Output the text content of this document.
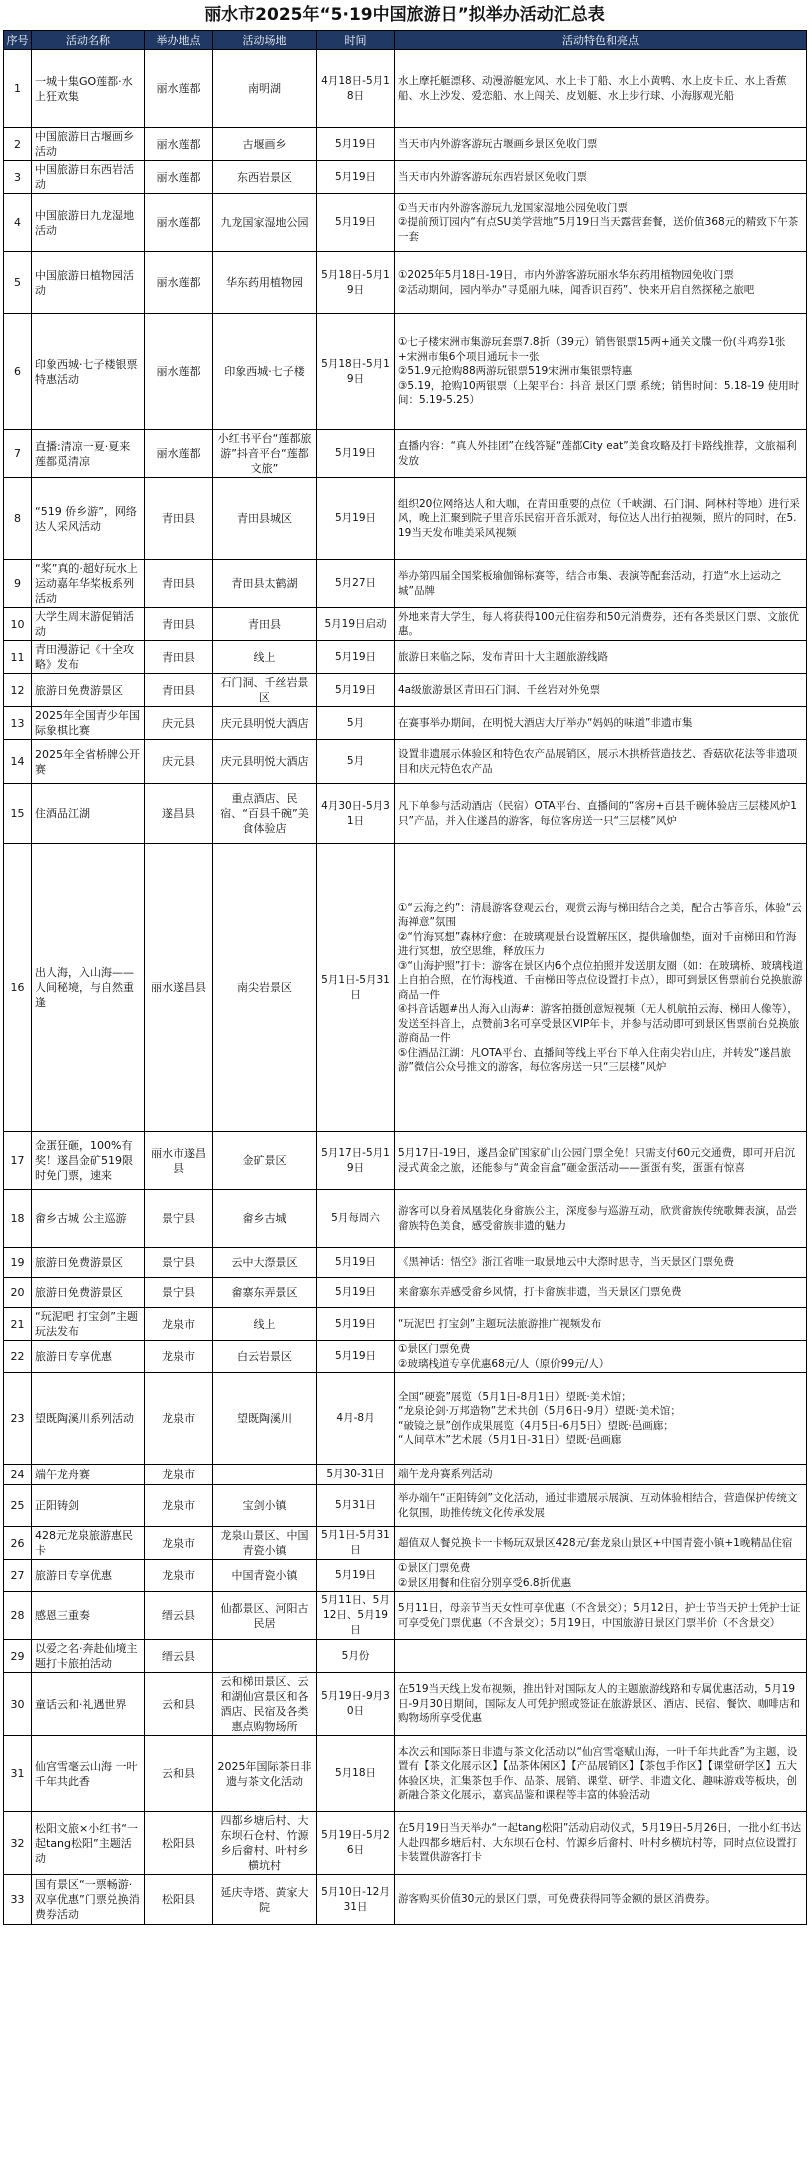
丽水市2025年“5·19中国旅游日”拟举办活动汇总表
序号	活动名称	举办地点	活动场地	时间	活动特色和亮点
1	一城十集GO莲都·水上狂欢集	丽水莲都	南明湖	4月18日-5月18日	水上摩托艇漂移、动漫游艇宠风、水上卡丁船、水上小黄鸭、水上皮卡丘、水上香蕉船、水上沙发、爱恋船、水上闯关、皮划艇、水上步行球、小海豚观光船
2	中国旅游日古堰画乡活动	丽水莲都	古堰画乡	5月19日	当天市内外游客游玩古堰画乡景区免收门票
3	中国旅游日东西岩活动	丽水莲都	东西岩景区	5月19日	当天市内外游客游玩东西岩景区免收门票
4	中国旅游日九龙湿地活动	丽水莲都	九龙国家湿地公园	5月19日	①当天市内外游客游玩九龙国家湿地公园免收门票
②提前预订园内“有点SU美学营地”5月19日当天露营套餐，送价值368元的精致下午茶一套
5	中国旅游日植物园活动	丽水莲都	华东药用植物园	5月18日-5月19日	①2025年5月18日-19日，市内外游客游玩丽水华东药用植物园免收门票
②活动期间，园内举办“寻觅丽九味，闻香识百药”、快来开启自然探秘之旅吧
6	印象西城·七子楼银票特惠活动	丽水莲都	印象西城·七子楼	5月18日-5月19日	①七子楼宋洲市集游玩套票7.8折（39元）销售银票15两+通关文牒一份(斗鸡券1张+宋洲市集6个项目通玩卡一张
②51.9元抢购88两游玩银票519宋洲市集银票特惠
③5.19，抢购10两银票（上架平台：抖音 景区门票 系统；销售时间：5.18-19 使用时间：5.19-5.25）
7	直播:清凉一夏·夏来莲都觅清凉	丽水莲都	小红书平台“莲都旅游”抖音平台“莲都文旅”	5月19日	直播内容：“真人外挂团”在线答疑“莲都City eat”美食攻略及打卡路线推荐，文旅福利发放
8	“519 侨乡游”，网络达人采风活动	青田县	青田县城区	5月19日	组织20位网络达人和大咖，在青田重要的点位（千峡湖、石门洞、阿林村等地）进行采风，晚上汇聚到院子里音乐民宿开音乐派对，每位达人出行拍视频，照片的同时，在5.19当天发布唯美采风视频
9	“桨”真的·超好玩水上运动嘉年华桨板系列活动	青田县	青田县太鹤湖	5月27日	举办第四届全国桨板瑜伽锦标赛等，结合市集、表演等配套活动，打造“水上运动之城”品牌
10	大学生周末游促销活动	青田县	青田县	5月19日启动	外地来青大学生，每人将获得100元住宿券和50元消费券，还有各类景区门票、文旅优惠。
11	青田漫游记《十全攻略》发布	青田县	线上	5月19日	旅游日来临之际，发布青田十大主题旅游线路
12	旅游日免费游景区	青田县	石门洞、千丝岩景区	5月19日	4a级旅游景区青田石门洞、千丝岩对外免票
13	2025年全国青少年国际象棋比赛	庆元县	庆元县明悦大酒店	5月	在赛事举办期间，在明悦大酒店大厅举办“妈妈的味道”非遗市集
14	2025年全省桥牌公开赛	庆元县	庆元县明悦大酒店	5月	设置非遗展示体验区和特色农产品展销区，展示木拱桥营造技艺、香菇砍花法等非遗项目和庆元特色农产品
15	住酒品江湖	遂昌县	重点酒店、民宿、“百县千碗”美食体验店	4月30日-5月31日	凡下单参与活动酒店（民宿）OTA平台、直播间的“客房+百县千碗体验店三层楼风炉1只”产品，并入住遂昌的游客，每位客房送一只“三层楼”风炉
16	出人海，入山海——人间秘境，与自然重逢	丽水遂昌县	南尖岩景区	5月1日-5月31日	①“云海之约”：清晨游客登观云台，观赏云海与梯田结合之美，配合古筝音乐，体验“云海禅意”氛围
②“竹海冥想”森林疗愈：在玻璃观景台设置解压区，提供瑜伽垫，面对千亩梯田和竹海进行冥想，放空思维，释放压力
③“山海护照”打卡：游客在景区内6个点位拍照并发送朋友圈（如：在玻璃桥、玻璃栈道上自拍合照，在竹海栈道、千亩梯田等点位设置打卡点），即可到景区售票前台兑换旅游商品一件
④抖音话题#出人海入山海#：游客拍摄创意短视频（无人机航拍云海、梯田人像等），发送至抖音上，点赞前3名可享受景区VIP年卡，并参与活动即可到景区售票前台兑换旅游商品一件
⑤住酒品江湖：凡OTA平台、直播间等线上平台下单入住南尖岩山庄，并转发“遂昌旅游”微信公众号推文的游客，每位客房送一只“三层楼”风炉
17	金蛋狂砸，100%有奖！遂昌金矿519限时免门票，速来	丽水市遂昌县	金矿景区	5月17日-5月19日	5月17日-19日，遂昌金矿国家矿山公园门票全免！只需支付60元交通费，即可开启沉浸式黄金之旅，还能参与“黄金盲盒”砸金蛋活动——蛋蛋有奖，蛋蛋有惊喜
18	畲乡古城 公主巡游	景宁县	畲乡古城	5月每周六	游客可以身着凤凰装化身畲族公主，深度参与巡游互动，欣赏畲族传统歌舞表演，品尝畲族特色美食，感受畲族非遗的魅力
19	旅游日免费游景区	景宁县	云中大漈景区	5月19日	《黑神话：悟空》浙江省唯一取景地云中大漈时思寺，当天景区门票免费
20	旅游日免费游景区	景宁县	畲寨东弄景区	5月19日	来畲寨东弄感受畲乡风情，打卡畲族非遗，当天景区门票免费
21	“玩泥吧 打宝剑”主题玩法发布	龙泉市	线上	5月19日	“玩泥巴 打宝剑”主题玩法旅游推广视频发布
22	旅游日专享优惠	龙泉市	白云岩景区	5月19日	①景区门票免费
②玻璃栈道专享优惠68元/人（原价99元/人）
23	望既陶溪川系列活动	龙泉市	望既陶溪川	4月-8月	全国“硬瓷”展览（5月1日-8月1日）望既·美术馆；
“龙泉论剑·万邦造物”艺术共创（5月6日-9月）望既·美术馆；
“破镜之景”创作成果展览（4月5日-6月5日）望既·邑画廊；
“人间草木”艺术展（5月1日-31日）望既·邑画廊
24	端午龙舟赛	龙泉市		5月30-31日	端午龙舟赛系列活动
25	正阳铸剑	龙泉市	宝剑小镇	5月31日	举办端午“正阳铸剑”文化活动，通过非遗展示展演、互动体验相结合，营造保护传统文化氛围，助推传统文化传承发展
26	428元龙泉旅游惠民卡	龙泉市	龙泉山景区、中国青瓷小镇	5月1日-5月31日	超值双人餐兑换卡一卡畅玩双景区428元/套龙泉山景区+中国青瓷小镇+1晚精品住宿
27	旅游日专享优惠	龙泉市	中国青瓷小镇	5月19日	①景区门票免费
②景区用餐和住宿分别享受6.8折优惠
28	感恩三重奏	缙云县	仙都景区、河阳古民居	5月11日、5月12日、5月19日	5月11日，母亲节当天女性可享优惠（不含景交）；5月12日，护士节当天护士凭护士证可享受免门票优惠（不含景交）；5月19日，中国旅游日景区门票半价（不含景交）
29	以爱之名·奔赴仙境主题打卡旅拍活动	缙云县		5月份	
30	童话云和·礼遇世界	云和县	云和梯田景区、云和湖仙宫景区和各酒店、民宿及各类惠点购物场所	5月19日-9月30日	在519当天线上发布视频，推出针对国际友人的主题旅游线路和专属优惠活动，5月19日-9月30日期间，国际友人可凭护照或签证在旅游景区、酒店、民宿、餐饮、咖啡店和购物场所享受优惠
31	仙宫雪毫云山海 一叶千年共此香	云和县	2025年国际茶日非遗与茶文化活动	5月18日	本次云和国际茶日非遗与茶文化活动以“仙宫雪毫赋山海，一叶千年共此香”为主题，设置有【茶文化展示区】【品茶体闲区】【产品展销区】【茶包手作区】【课堂研学区】五大体验区块，汇集茶包手作、品茶、展销、课堂、研学、非遗文化、趣味游戏等板块，创新融合茶文化展示，嘉宾品鉴和课程等丰富的体验活动
32	松阳文旅×小红书“一起tang松阳”主题活动	松阳县	四都乡塘后村、大东坝石仓村、竹源乡后畲村、叶村乡横坑村	5月19日-5月26日	在5月19日当天举办“一起tang松阳”活动启动仪式，5月19日-5月26日，一批小红书达人赴四都乡塘后村、大东坝石仓村、竹源乡后畲村、叶村乡横坑村等，同时点位设置打卡装置供游客打卡
33	国有景区“一票畅游·双享优惠”门票兑换消费券活动	松阳县	延庆寺塔、黄家大院	5月10日-12月31日	游客购买价值30元的景区门票，可免费获得同等金额的景区消费券。
